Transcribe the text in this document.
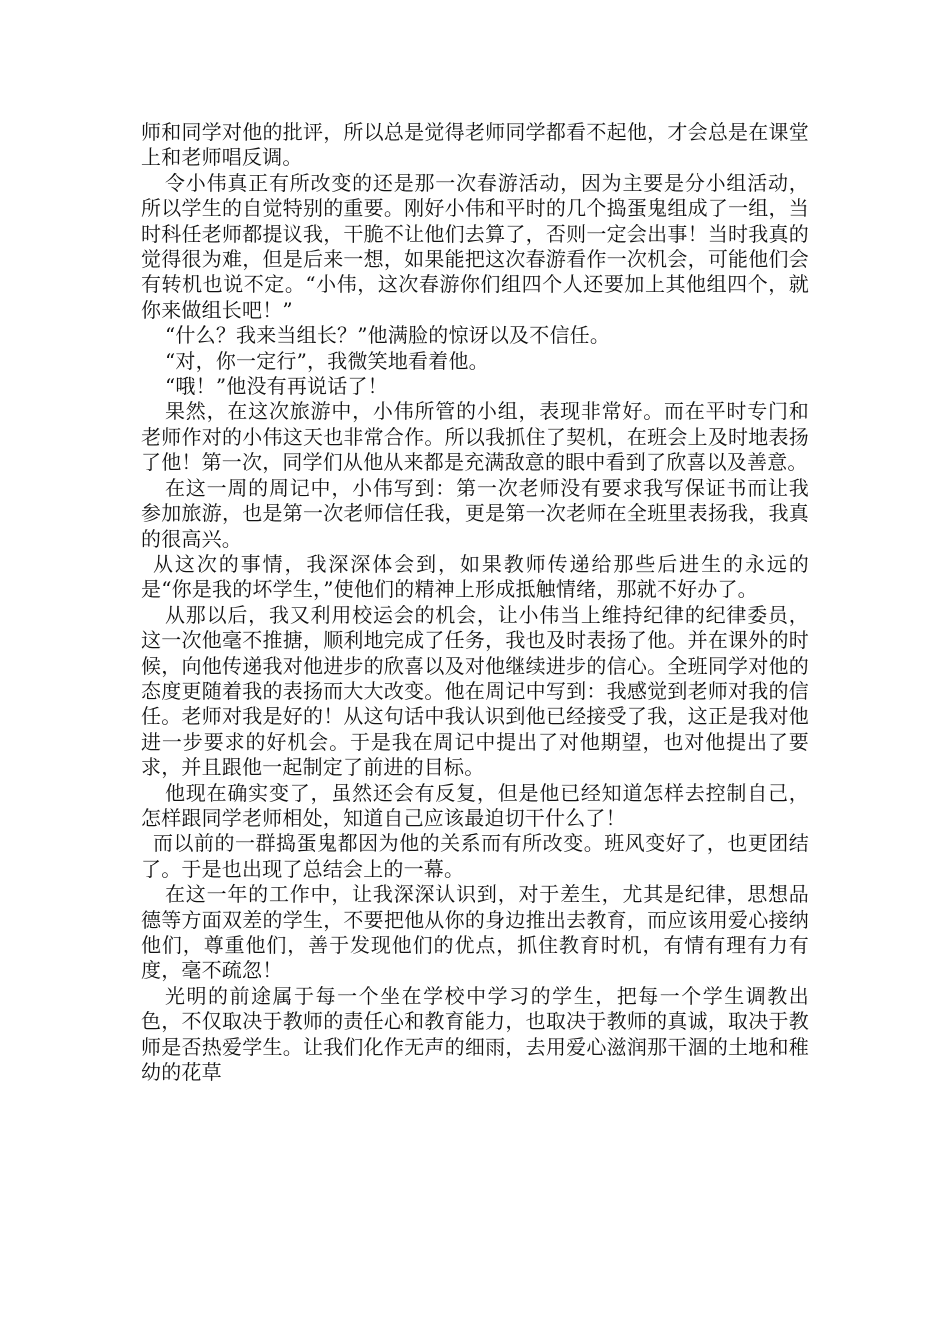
师和同学对他的批评，所以总是觉得老师同学都看不起他，才会总是在课堂上和老师唱反调。

令小伟真正有所改变的还是那一次春游活动，因为主要是分小组活动，所以学生的自觉特别的重要。刚好小伟和平时的几个捣蛋鬼组成了一组，当时科任老师都提议我，干脆不让他们去算了，否则一定会出事！当时我真的觉得很为难，但是后来一想，如果能把这次春游看作一次机会，可能他们会有转机也说不定。“小伟，这次春游你们组四个人还要加上其他组四个，就你来做组长吧！”

“什么？我来当组长？”他满脸的惊讶以及不信任。

“对，你一定行”，我微笑地看着他。

“哦！”他没有再说话了！

果然，在这次旅游中，小伟所管的小组，表现非常好。而在平时专门和老师作对的小伟这天也非常合作。所以我抓住了契机，在班会上及时地表扬了他！第一次，同学们从他从来都是充满敌意的眼中看到了欣喜以及善意。

在这一周的周记中，小伟写到：第一次老师没有要求我写保证书而让我参加旅游，也是第一次老师信任我，更是第一次老师在全班里表扬我，我真的很高兴。

从这次的事情，我深深体会到，如果教师传递给那些后进生的永远的是“你是我的坏学生，”使他们的精神上形成抵触情绪，那就不好办了。

从那以后，我又利用校运会的机会，让小伟当上维持纪律的纪律委员，这一次他毫不推搪，顺利地完成了任务，我也及时表扬了他。并在课外的时候，向他传递我对他进步的欣喜以及对他继续进步的信心。全班同学对他的态度更随着我的表扬而大大改变。他在周记中写到：我感觉到老师对我的信任。老师对我是好的！从这句话中我认识到他已经接受了我，这正是我对他进一步要求的好机会。于是我在周记中提出了对他期望，也对他提出了要求，并且跟他一起制定了前进的目标。

他现在确实变了，虽然还会有反复，但是他已经知道怎样去控制自己，怎样跟同学老师相处，知道自己应该最迫切干什么了！

而以前的一群捣蛋鬼都因为他的关系而有所改变。班风变好了，也更团结了。于是也出现了总结会上的一幕。

在这一年的工作中，让我深深认识到，对于差生，尤其是纪律，思想品德等方面双差的学生，不要把他从你的身边推出去教育，而应该用爱心接纳他们，尊重他们，善于发现他们的优点，抓住教育时机，有情有理有力有度，毫不疏忽！

光明的前途属于每一个坐在学校中学习的学生，把每一个学生调教出色，不仅取决于教师的责任心和教育能力，也取决于教师的真诚，取决于教师是否热爱学生。让我们化作无声的细雨，去用爱心滋润那干涸的土地和稚幼的花草
